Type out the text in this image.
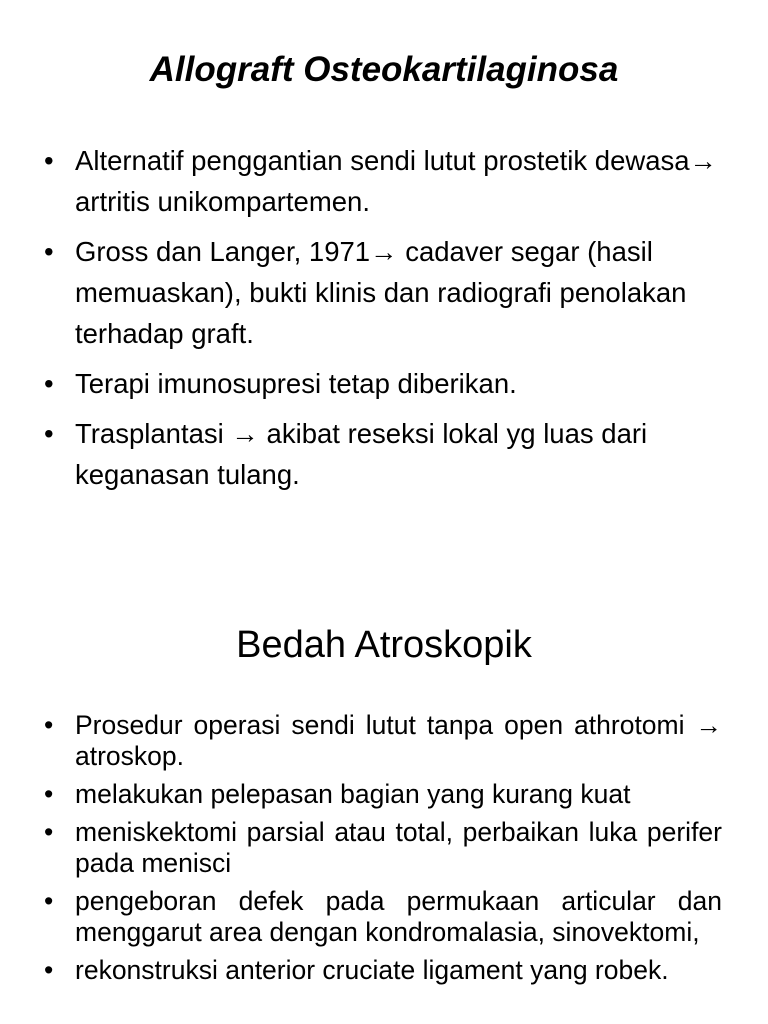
Allograft Osteokartilaginosa
• Alternatif penggantian sendi lutut prostetik dewasa→ artritis unikompartemen.
• Gross dan Langer, 1971→ cadaver segar (hasil memuaskan), bukti klinis dan radiografi penolakan terhadap graft.
• Terapi imunosupresi tetap diberikan.
• Trasplantasi → akibat reseksi lokal yg luas dari keganasan tulang.
Bedah Atroskopik
• Prosedur operasi sendi lutut tanpa open athrotomi → atroskop.
• melakukan pelepasan bagian yang kurang kuat
• meniskektomi parsial atau total, perbaikan luka perifer pada menisci
• pengeboran defek pada permukaan articular dan menggarut area dengan kondromalasia, sinovektomi,
• rekonstruksi anterior cruciate ligament yang robek.
